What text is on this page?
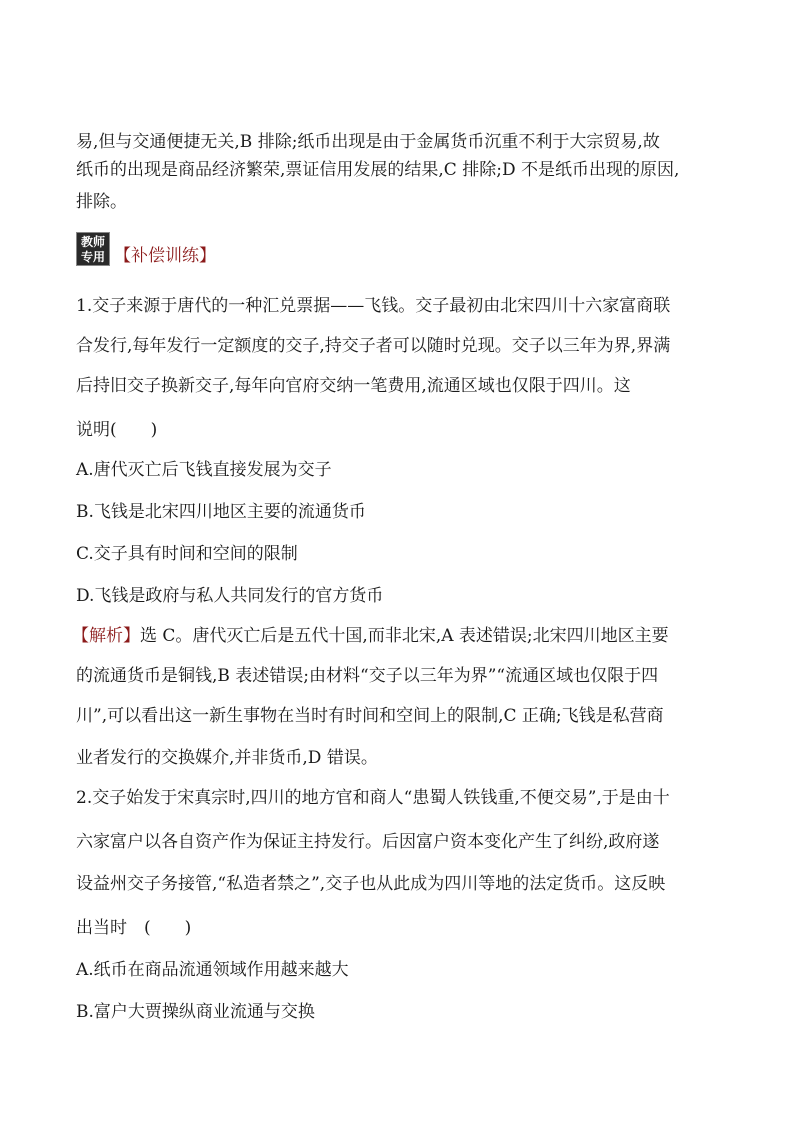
易,但与交通便捷无关,B 排除;纸币出现是由于金属货币沉重不利于大宗贸易,故
纸币的出现是商品经济繁荣,票证信用发展的结果,C 排除;D 不是纸币出现的原因,
排除。
教师
专用 【补偿训练】
1.交子来源于唐代的一种汇兑票据——飞钱。交子最初由北宋四川十六家富商联
合发行,每年发行一定额度的交子,持交子者可以随时兑现。交子以三年为界,界满
后持旧交子换新交子,每年向官府交纳一笔费用,流通区域也仅限于四川。这
说明(　　)
A.唐代灭亡后飞钱直接发展为交子
B.飞钱是北宋四川地区主要的流通货币
C.交子具有时间和空间的限制
D.飞钱是政府与私人共同发行的官方货币
【解析】选 C。唐代灭亡后是五代十国,而非北宋,A 表述错误;北宋四川地区主要
的流通货币是铜钱,B 表述错误;由材料“交子以三年为界”“流通区域也仅限于四
川”,可以看出这一新生事物在当时有时间和空间上的限制,C 正确;飞钱是私营商
业者发行的交换媒介,并非货币,D 错误。
2.交子始发于宋真宗时,四川的地方官和商人“患蜀人铁钱重,不便交易”,于是由十
六家富户以各自资产作为保证主持发行。后因富户资本变化产生了纠纷,政府遂
设益州交子务接管,“私造者禁之”,交子也从此成为四川等地的法定货币。这反映
出当时　(　　)
A.纸币在商品流通领域作用越来越大
B.富户大贾操纵商业流通与交换
